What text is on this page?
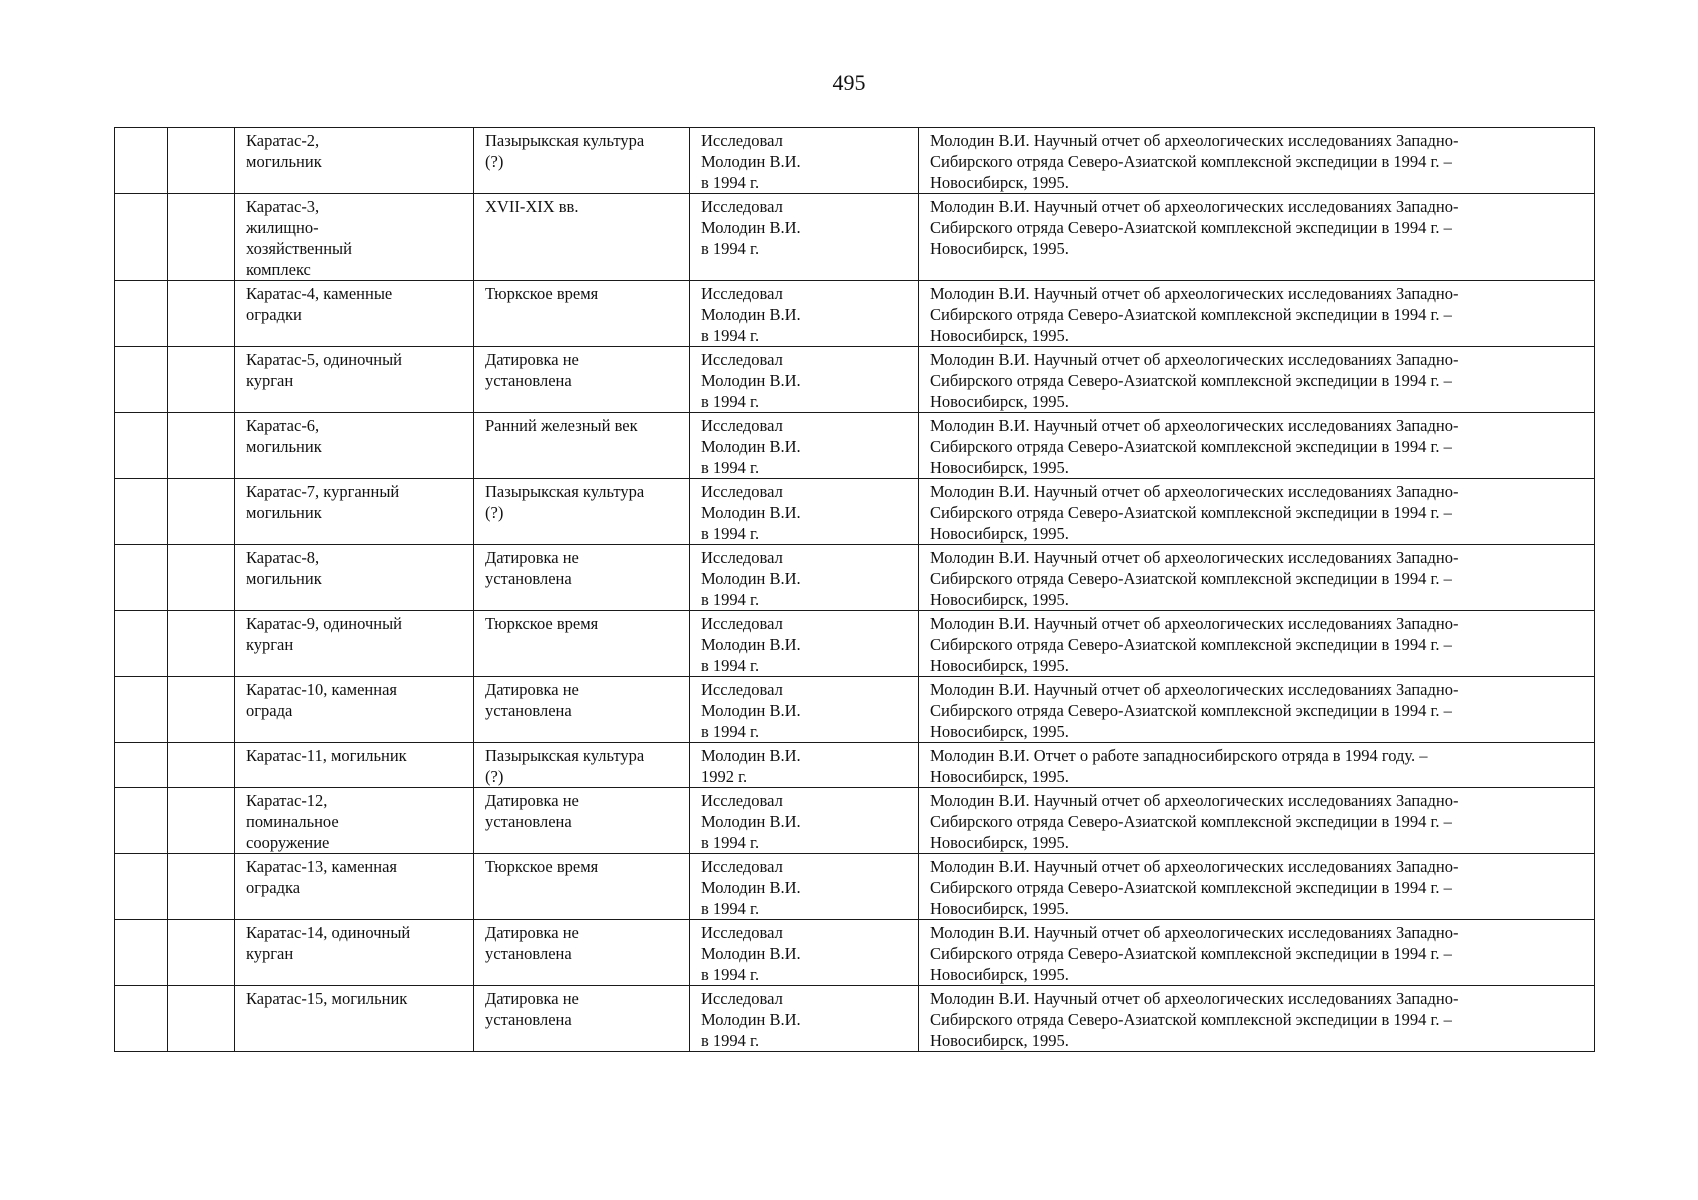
495
		Каратас-2,
могильник	Пазырыкская культура
(?)	Исследовал
Молодин В.И.
в 1994 г.	Молодин В.И. Научный отчет об археологических исследованиях Западно-
Сибирского отряда Северо-Азиатской комплексной экспедиции в 1994 г. –
Новосибирск, 1995.
		Каратас-3,
жилищно-
хозяйственный
комплекс	XVII-XIX вв.	Исследовал
Молодин В.И.
в 1994 г.	Молодин В.И. Научный отчет об археологических исследованиях Западно-
Сибирского отряда Северо-Азиатской комплексной экспедиции в 1994 г. –
Новосибирск, 1995.
		Каратас-4, каменные
оградки	Тюркское время	Исследовал
Молодин В.И.
в 1994 г.	Молодин В.И. Научный отчет об археологических исследованиях Западно-
Сибирского отряда Северо-Азиатской комплексной экспедиции в 1994 г. –
Новосибирск, 1995.
		Каратас-5, одиночный
курган	Датировка не
установлена	Исследовал
Молодин В.И.
в 1994 г.	Молодин В.И. Научный отчет об археологических исследованиях Западно-
Сибирского отряда Северо-Азиатской комплексной экспедиции в 1994 г. –
Новосибирск, 1995.
		Каратас-6,
могильник	Ранний железный век	Исследовал
Молодин В.И.
в 1994 г.	Молодин В.И. Научный отчет об археологических исследованиях Западно-
Сибирского отряда Северо-Азиатской комплексной экспедиции в 1994 г. –
Новосибирск, 1995.
		Каратас-7, курганный
могильник	Пазырыкская культура
(?)	Исследовал
Молодин В.И.
в 1994 г.	Молодин В.И. Научный отчет об археологических исследованиях Западно-
Сибирского отряда Северо-Азиатской комплексной экспедиции в 1994 г. –
Новосибирск, 1995.
		Каратас-8,
могильник	Датировка не
установлена	Исследовал
Молодин В.И.
в 1994 г.	Молодин В.И. Научный отчет об археологических исследованиях Западно-
Сибирского отряда Северо-Азиатской комплексной экспедиции в 1994 г. –
Новосибирск, 1995.
		Каратас-9, одиночный
курган	Тюркское время	Исследовал
Молодин В.И.
в 1994 г.	Молодин В.И. Научный отчет об археологических исследованиях Западно-
Сибирского отряда Северо-Азиатской комплексной экспедиции в 1994 г. –
Новосибирск, 1995.
		Каратас-10, каменная
ограда	Датировка не
установлена	Исследовал
Молодин В.И.
в 1994 г.	Молодин В.И. Научный отчет об археологических исследованиях Западно-
Сибирского отряда Северо-Азиатской комплексной экспедиции в 1994 г. –
Новосибирск, 1995.
		Каратас-11, могильник	Пазырыкская культура
(?)	Молодин В.И.
1992 г.	Молодин В.И. Отчет о работе западносибирского отряда в 1994 году. –
Новосибирск, 1995.
		Каратас-12,
поминальное
сооружение	Датировка не
установлена	Исследовал
Молодин В.И.
в 1994 г.	Молодин В.И. Научный отчет об археологических исследованиях Западно-
Сибирского отряда Северо-Азиатской комплексной экспедиции в 1994 г. –
Новосибирск, 1995.
		Каратас-13, каменная
оградка	Тюркское время	Исследовал
Молодин В.И.
в 1994 г.	Молодин В.И. Научный отчет об археологических исследованиях Западно-
Сибирского отряда Северо-Азиатской комплексной экспедиции в 1994 г. –
Новосибирск, 1995.
		Каратас-14, одиночный
курган	Датировка не
установлена	Исследовал
Молодин В.И.
в 1994 г.	Молодин В.И. Научный отчет об археологических исследованиях Западно-
Сибирского отряда Северо-Азиатской комплексной экспедиции в 1994 г. –
Новосибирск, 1995.
		Каратас-15, могильник	Датировка не
установлена	Исследовал
Молодин В.И.
в 1994 г.	Молодин В.И. Научный отчет об археологических исследованиях Западно-
Сибирского отряда Северо-Азиатской комплексной экспедиции в 1994 г. –
Новосибирск, 1995.
